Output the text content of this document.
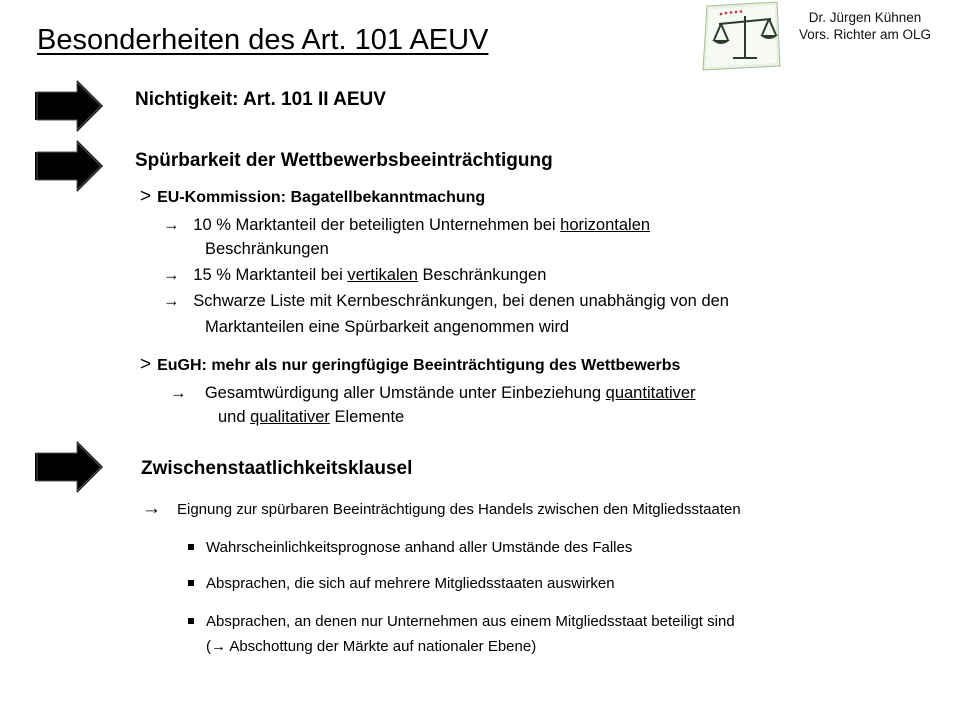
Besonderheiten des Art. 101 AEUV
Dr. Jürgen Kühnen
Vors. Richter am OLG
Nichtigkeit: Art. 101 II AEUV
Spürbarkeit der Wettbewerbsbeeinträchtigung
> EU-Kommission: Bagatellbekanntmachung
→ 10 % Marktanteil der beteiligten Unternehmen bei horizontalen
Beschränkungen
→ 15 % Marktanteil bei vertikalen Beschränkungen
→ Schwarze Liste mit Kernbeschränkungen, bei denen unabhängig von den
Marktanteilen eine Spürbarkeit angenommen wird
> EuGH: mehr als nur geringfügige Beeinträchtigung des Wettbewerbs
→ Gesamtwürdigung aller Umstände unter Einbeziehung quantitativer
und qualitativer Elemente
Zwischenstaatlichkeitsklausel
→ Eignung zur spürbaren Beeinträchtigung des Handels zwischen den Mitgliedsstaaten
Wahrscheinlichkeitsprognose anhand aller Umstände des Falles
Absprachen, die sich auf mehrere Mitgliedsstaaten auswirken
Absprachen, an denen nur Unternehmen aus einem Mitgliedsstaat beteiligt sind
(→ Abschottung der Märkte auf nationaler Ebene)
